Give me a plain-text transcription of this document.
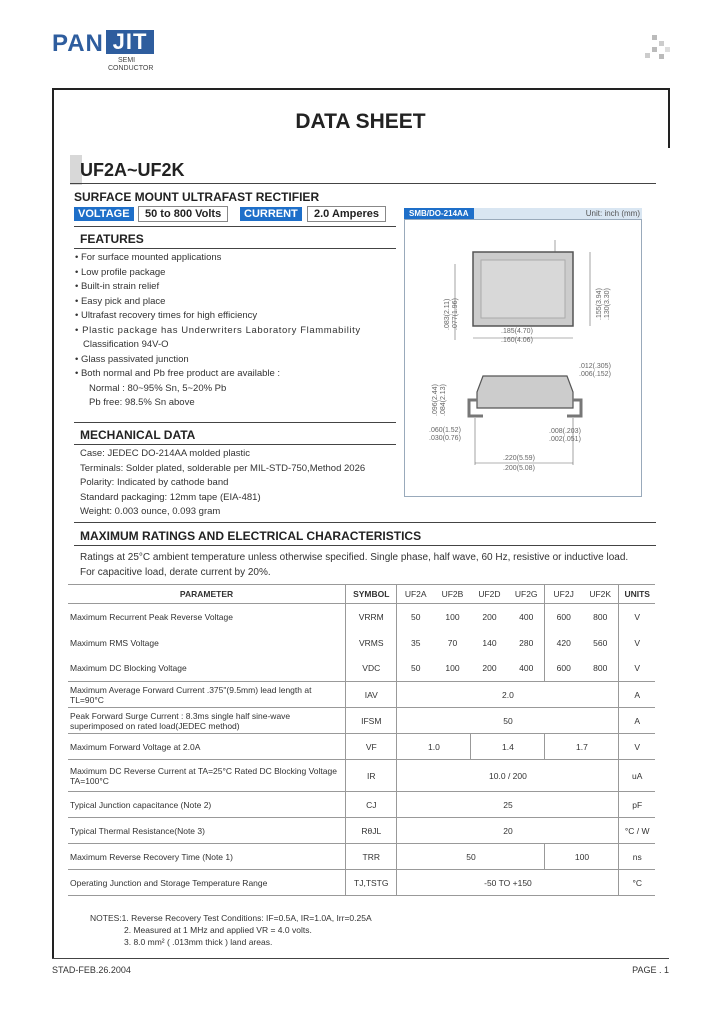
PAN JIT
SEMI
CONDUCTOR
DATA SHEET
UF2A~UF2K
SURFACE MOUNT ULTRAFAST RECTIFIER
VOLTAGE	50 to 800 Volts	CURRENT	2.0 Amperes	SMB/DO-214AA	Unit: inch (mm)
.083(2.11) .077(1.96)	.155(3.94) .130(3.30)
.185(4.70)
.160(4.06)
.012(.305)
.006(.152)
.096(2.44) .084(2.13)
.060(1.52)
.030(0.76)
.008(.203)
.002(.051)
.220(5.59)
.200(5.08)
FEATURES
• For surface mounted applications
• Low profile package
• Built-in strain relief
• Easy pick and place
• Ultrafast recovery times for high efficiency
• Plastic package has Underwriters Laboratory Flammability
Classification 94V-O
• Glass passivated junction
• Both normal and Pb free product are available :
Normal : 80~95% Sn, 5~20% Pb
Pb free: 98.5% Sn above
MECHANICAL DATA
Case: JEDEC DO-214AA molded plastic
Terminals: Solder plated, solderable per MIL-STD-750,Method 2026
Polarity: Indicated by cathode band
Standard packaging: 12mm tape (EIA-481)
Weight: 0.003 ounce, 0.093 gram
MAXIMUM RATINGS AND ELECTRICAL CHARACTERISTICS
Ratings at 25°C ambient temperature unless otherwise specified. Single phase, half wave, 60 Hz, resistive or inductive load.
For capacitive load, derate current by 20%.
PARAMETER	SYMBOL	UF2A	UF2B	UF2D	UF2G	UF2J	UF2K	UNITS
Maximum Recurrent Peak Reverse Voltage	VRRM	50	100	200	400	600	800	V
Maximum RMS Voltage	VRMS	35	70	140	280	420	560	V
Maximum DC Blocking Voltage	VDC	50	100	200	400	600	800	V
Maximum Average Forward Current .375"(9.5mm) lead length at TL=90°C	IAV	2.0						A
Peak Forward Surge Current : 8.3ms single half sine-wave superimposed on rated load(JEDEC method)	IFSM	50						A
Maximum Forward Voltage at 2.0A	VF	1.0		1.4		1.7		V
Maximum DC Reverse Current at TA=25°C Rated DC Blocking Voltage TA=100°C	IR	10.0 / 200						uA
Typical Junction capacitance (Note 2)	CJ	25						pF
Typical Thermal Resistance(Note 3)	RθJL	20						°C / W
Maximum Reverse Recovery Time (Note 1)	TRR	50				100		ns
Operating Junction and Storage Temperature Range	TJ,TSTG	-50 TO +150						°C
NOTES:1. Reverse Recovery Test Conditions: IF=0.5A, IR=1.0A, Irr=0.25A
2. Measured at 1 MHz and applied VR = 4.0 volts.
3. 8.0 mm² ( .013mm thick ) land areas.
STAD-FEB.26.2004	PAGE . 1
